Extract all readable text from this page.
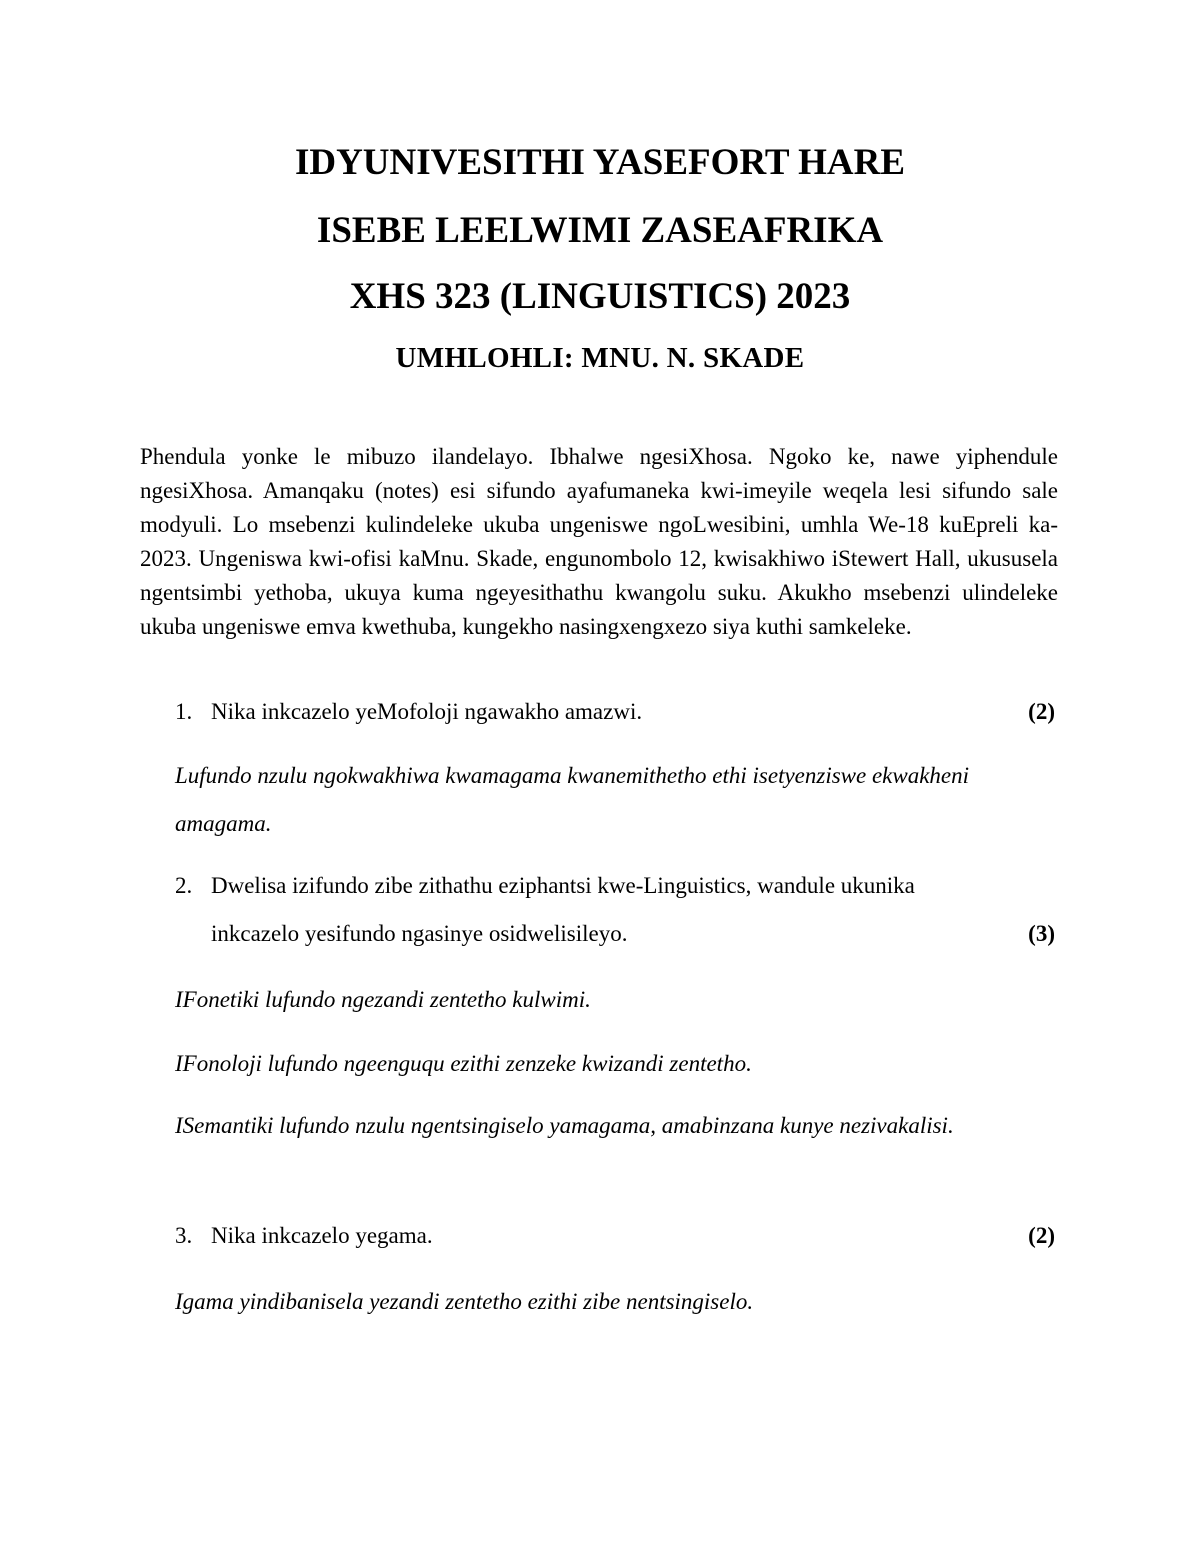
IDYUNIVESITHI YASEFORT HARE
ISEBE LEELWIMI ZASEAFRIKA
XHS 323 (LINGUISTICS) 2023
UMHLOHLI: MNU. N. SKADE
Phendula yonke le mibuzo ilandelayo. Ibhalwe ngesiXhosa. Ngoko ke, nawe yiphendule ngesiXhosa. Amanqaku (notes) esi sifundo ayafumaneka kwi-imeyile weqela lesi sifundo sale modyuli. Lo msebenzi kulindeleke ukuba ungeniswe ngoLwesibini, umhla We-18 kuEpreli ka-2023. Ungeniswa kwi-ofisi kaMnu. Skade, engunombolo 12, kwisakhiwo iStewert Hall, ukususela ngentsimbi yethoba, ukuya kuma ngeyesithathu kwangolu suku. Akukho msebenzi ulindeleke ukuba ungeniswe emva kwethuba, kungekho nasingxengxezo siya kuthi samkeleke.
1. Nika inkcazelo yeMofoloji ngawakho amazwi.	(2)
Lufundo nzulu ngokwakhiwa kwamagama kwanemithetho ethi isetyenziswe ekwakheni amagama.
2. Dwelisa izifundo zibe zithathu eziphantsi kwe-Linguistics, wandule ukunika inkcazelo yesifundo ngasinye osidwelisileyo.	(3)
IFonetiki lufundo ngezandi zentetho kulwimi.
IFonoloji lufundo ngeenguqu ezithi zenzeke kwizandi zentetho.
ISemantiki lufundo nzulu ngentsingiselo yamagama, amabinzana kunye nezivakalisi.
3. Nika inkcazelo yegama.	(2)
Igama yindibanisela yezandi zentetho ezithi zibe nentsingiselo.
